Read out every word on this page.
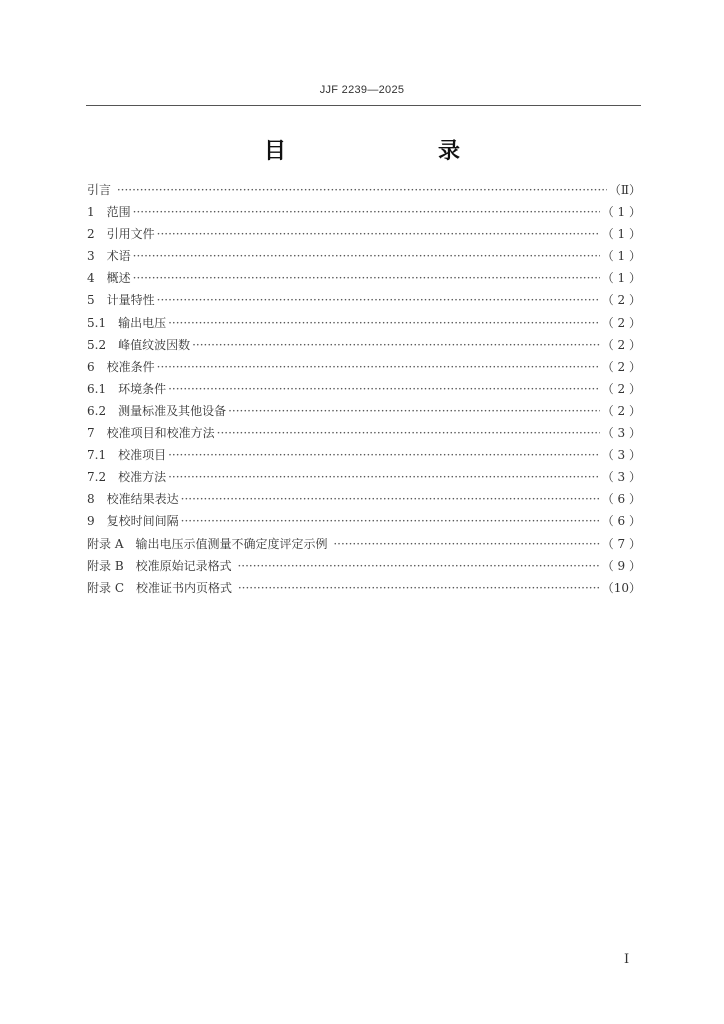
JJF 2239—2025
目　　录
引言 ·····	（Ⅱ）
1　 范围 ·····	（ 1 ）
2　 引用文件 ·····	（ 1 ）
3　 术语 ·····	（ 1 ）
4　 概述 ·····	（ 1 ）
5　 计量特性 ·····	（ 2 ）
5.1　 输出电压 ·····	（ 2 ）
5.2　 峰值纹波因数 ·····	（ 2 ）
6　 校准条件 ·····	（ 2 ）
6.1　 环境条件 ·····	（ 2 ）
6.2　 测量标准及其他设备 ·····	（ 2 ）
7　 校准项目和校准方法 ·····	（ 3 ）
7.1　 校准项目 ·····	（ 3 ）
7.2　 校准方法 ·····	（ 3 ）
8　 校准结果表达 ·····	（ 6 ）
9　 复校时间间隔 ·····	（ 6 ）
附录 A　 输出电压示值测量不确定度评定示例 ·····	（ 7 ）
附录 B　 校准原始记录格式 ·····	（ 9 ）
附录 C　 校准证书内页格式 ·····	（10）
I
